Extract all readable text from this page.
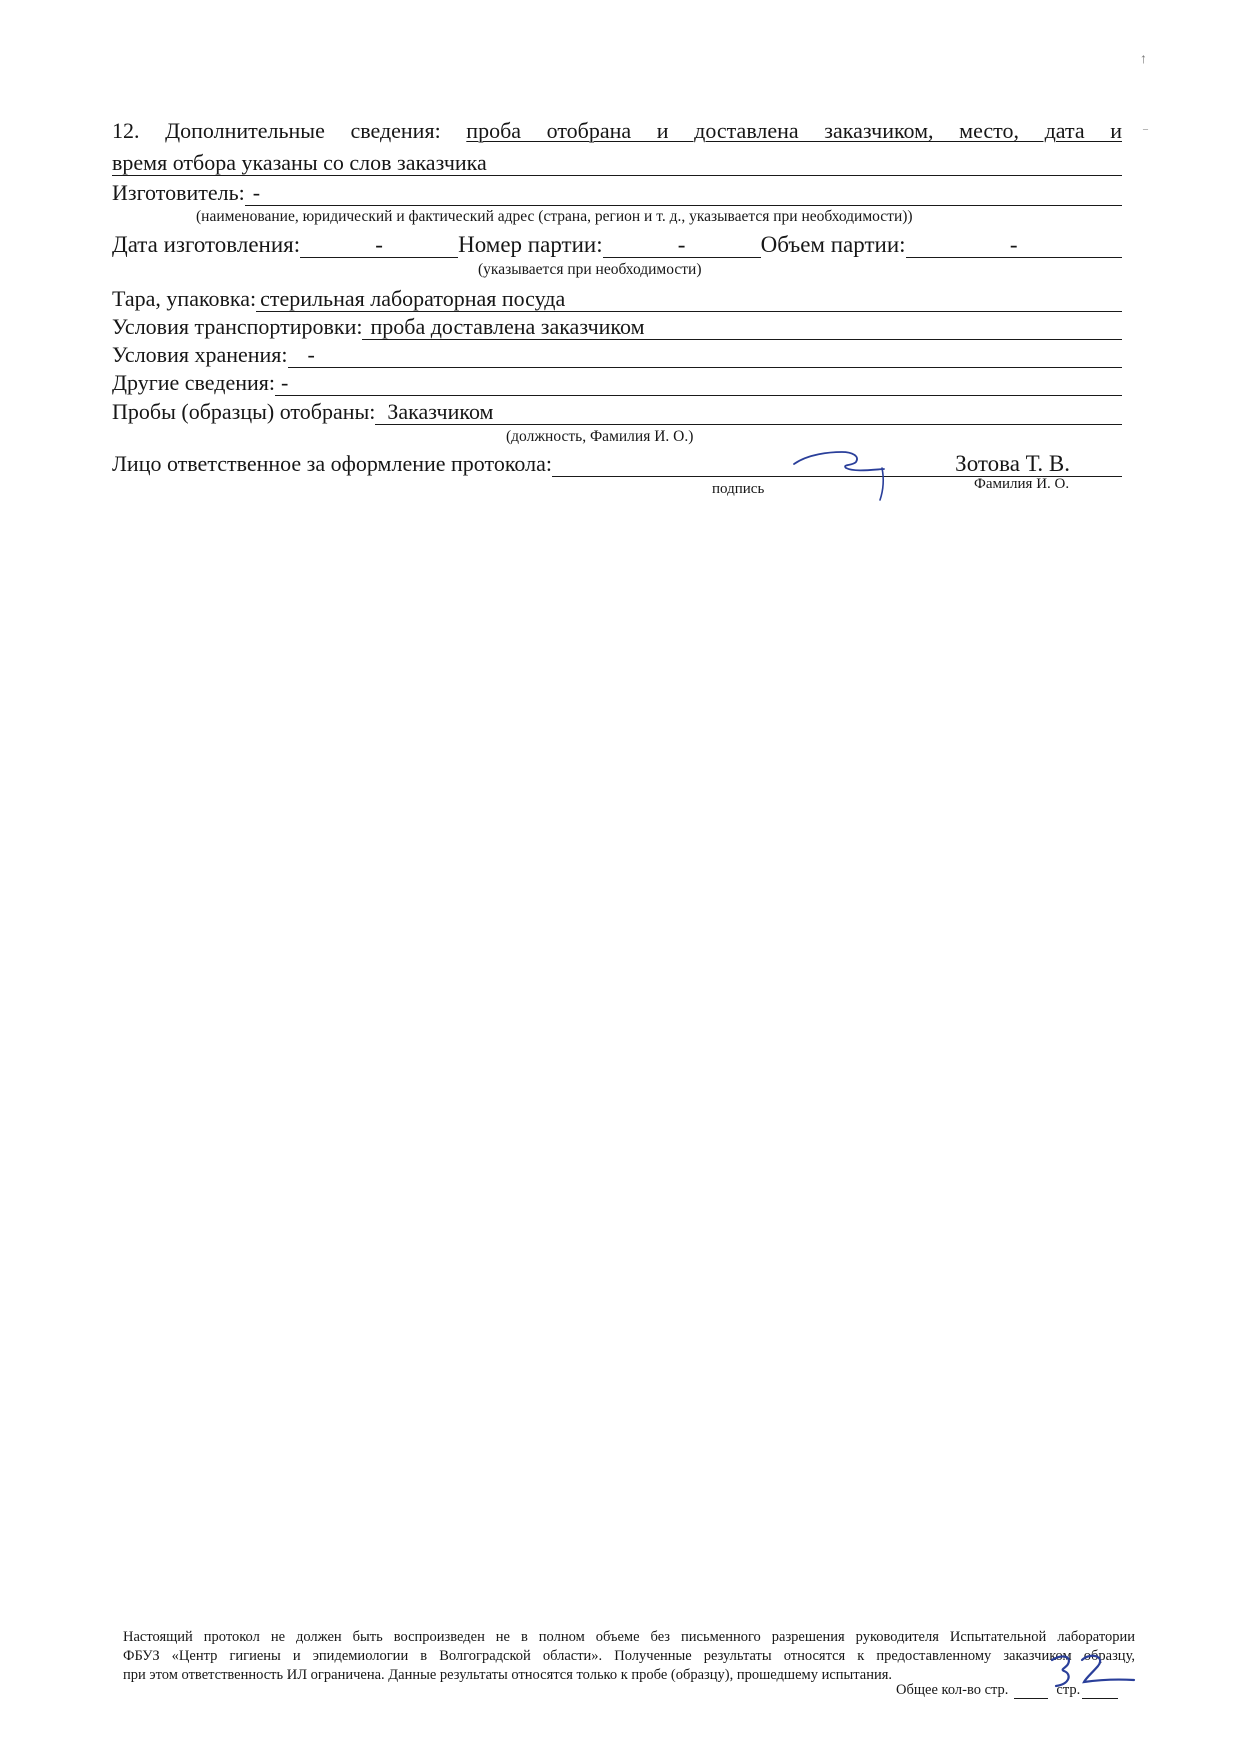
12. Дополнительные сведения: проба отобрана и доставлена заказчиком, место, дата и
время отбора указаны со слов заказчика
Изготовитель: -
(наименование, юридический и фактический адрес (страна, регион и т. д., указывается при необходимости))
Дата изготовления:	-	Номер партии:	-	Объем партии:	-
(указывается при необходимости)
Тара, упаковка: стерильная лабораторная посуда
Условия транспортировки: проба доставлена заказчиком
Условия хранения: -
Другие сведения: -
Пробы (образцы) отобраны: Заказчиком
(должность, Фамилия И. О.)
Лицо ответственное за оформление протокола:	Зотова Т. В.
подпись	Фамилия И. О.
↑
–
Настоящий протокол не должен быть воспроизведен не в полном объеме без письменного разрешения руководителя Испытательной лаборатории
ФБУЗ «Центр гигиены и эпидемиологии в Волгоградской области». Полученные результаты относятся к предоставленному заказчиком образцу,
при этом ответственность ИЛ ограничена. Данные результаты относятся только к пробе (образцу), прошедшему испытания.
Общее кол-во стр.	стр.
